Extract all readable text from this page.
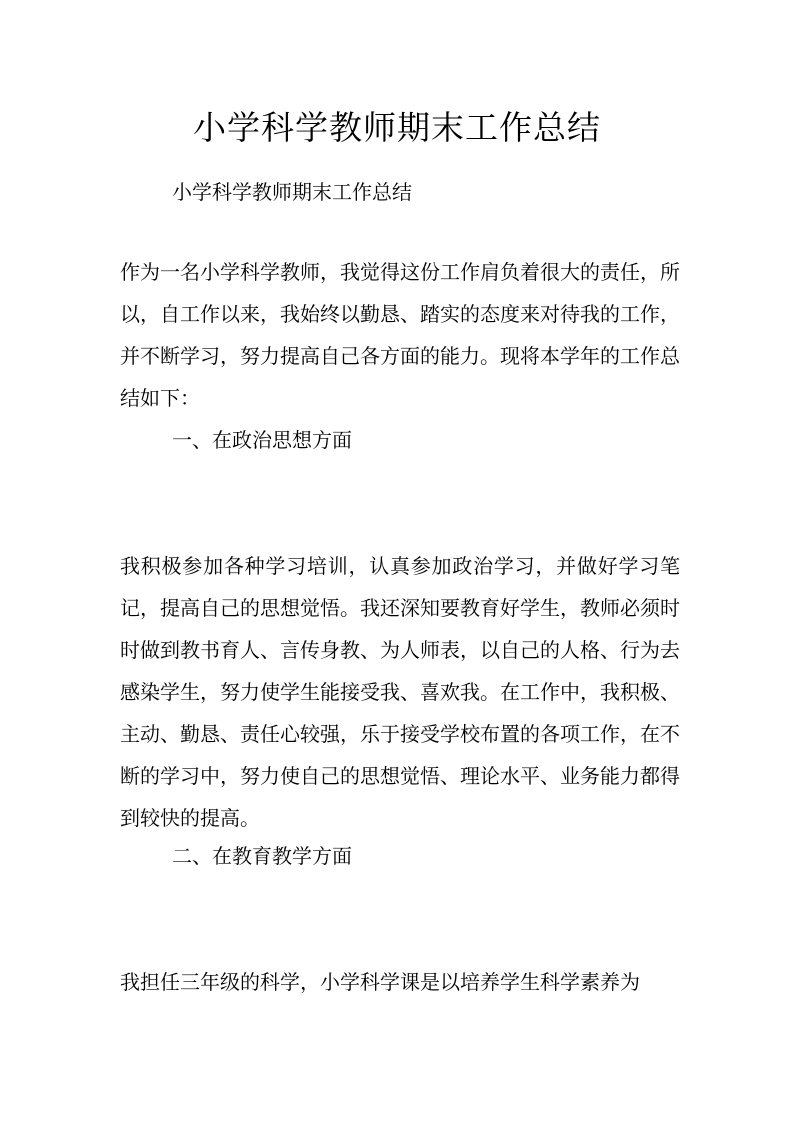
小学科学教师期末工作总结

小学科学教师期末工作总结

作为一名小学科学教师，我觉得这份工作肩负着很大的责任，所以，自工作以来，我始终以勤恳、踏实的态度来对待我的工作，并不断学习，努力提高自己各方面的能力。现将本学年的工作总结如下：

一、在政治思想方面

我积极参加各种学习培训，认真参加政治学习，并做好学习笔记，提高自己的思想觉悟。我还深知要教育好学生，教师必须时时做到教书育人、言传身教、为人师表，以自己的人格、行为去感染学生，努力使学生能接受我、喜欢我。在工作中，我积极、主动、勤恳、责任心较强，乐于接受学校布置的各项工作，在不断的学习中，努力使自己的思想觉悟、理论水平、业务能力都得到较快的提高。

二、在教育教学方面

我担任三年级的科学，小学科学课是以培养学生科学素养为
